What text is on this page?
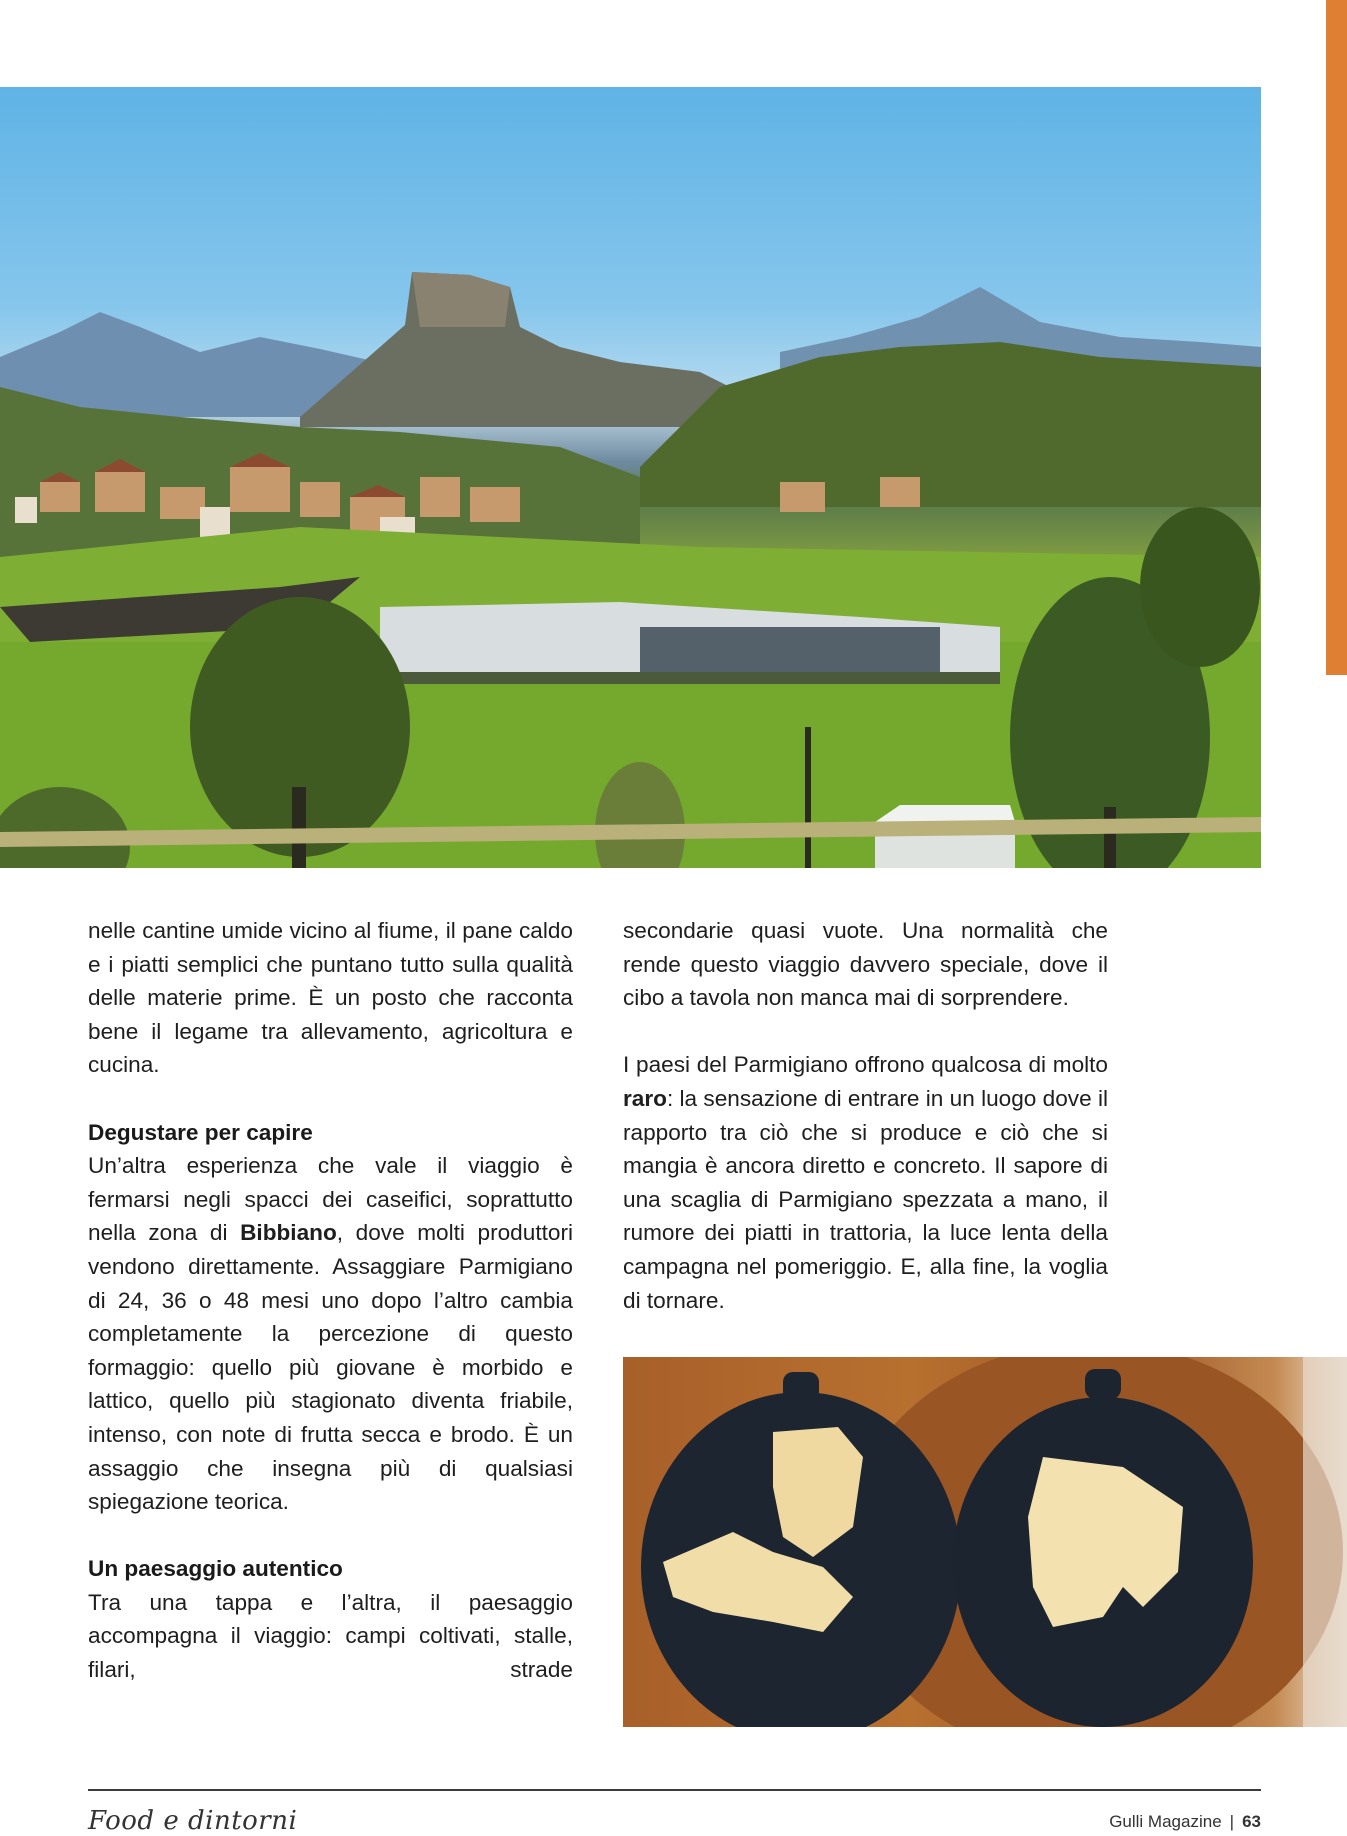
nelle cantine umide vicino al fiume, il pane caldo e i piatti semplici che puntano tutto sulla qualità delle materie prime. È un posto che racconta bene il legame tra allevamento, agricoltura e cucina.

Degustare per capire

Un’altra esperienza che vale il viaggio è fermarsi negli spacci dei caseifici, soprattutto nella zona di Bibbiano, dove molti produttori vendono direttamente. Assaggiare Parmigiano di 24, 36 o 48 mesi uno dopo l’altro cambia completamente la percezione di questo formaggio: quello più giovane è morbido e lattico, quello più stagionato diventa friabile, intenso, con note di frutta secca e brodo. È un assaggio che insegna più di qualsiasi spiegazione teorica.

Un paesaggio autentico

Tra una tappa e l’altra, il paesaggio accompagna il viaggio: campi coltivati, stalle, filari, strade

secondarie quasi vuote. Una normalità che rende questo viaggio davvero speciale, dove il cibo a tavola non manca mai di sorprendere.

I paesi del Parmigiano offrono qualcosa di molto raro: la sensazione di entrare in un luogo dove il rapporto tra ciò che si produce e ciò che si mangia è ancora diretto e concreto. Il sapore di una scaglia di Parmigiano spezzata a mano, il rumore dei piatti in trattoria, la luce lenta della campagna nel pomeriggio. E, alla fine, la voglia di tornare.

Food e dintorni	Gulli Magazine | 63
